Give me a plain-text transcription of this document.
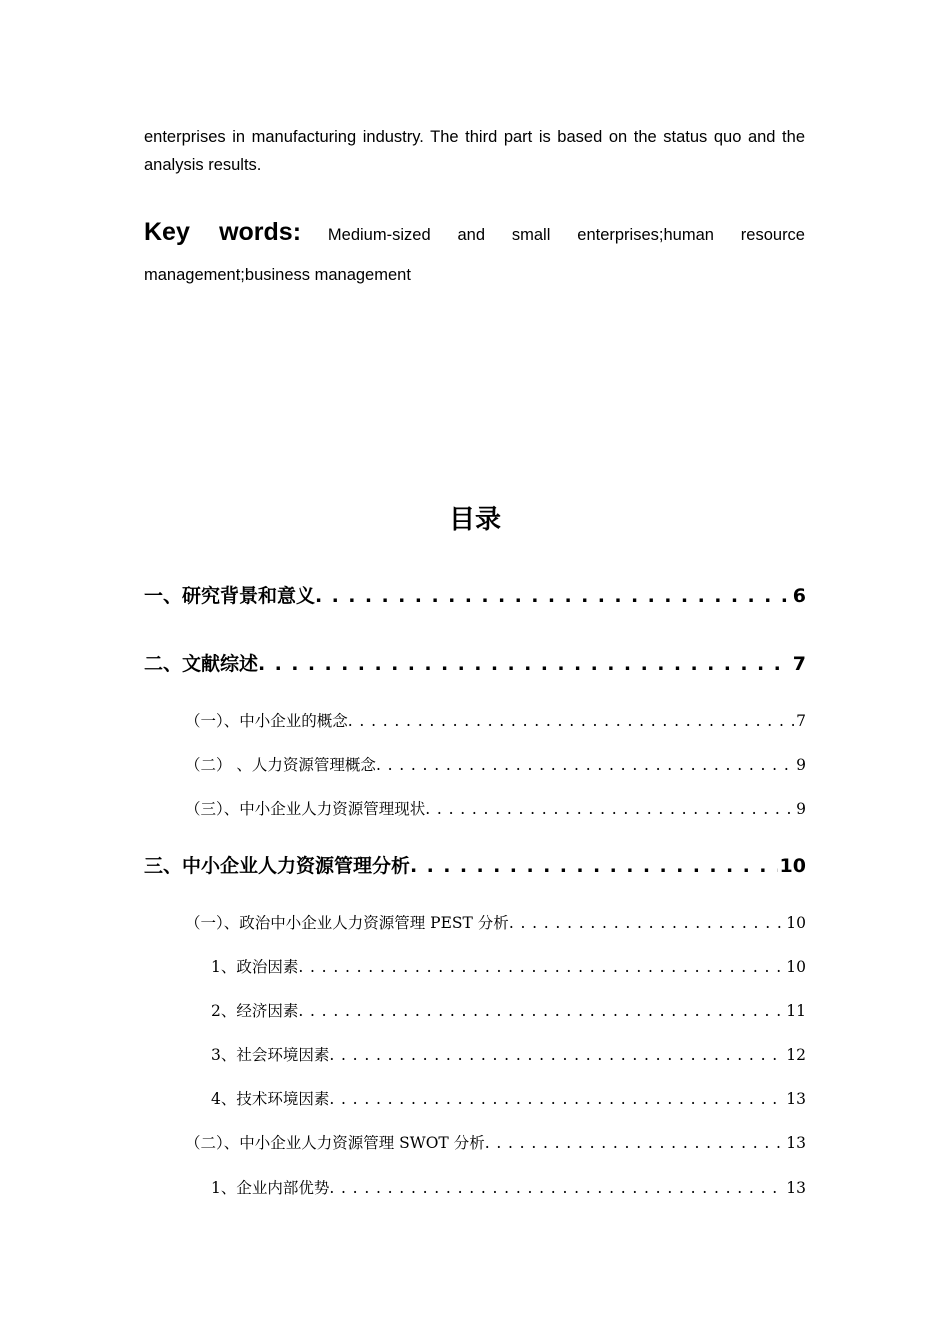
enterprises in manufacturing industry. The third part is based on the status quo and the analysis results.

Key words: Medium-sized and small enterprises;human resource management;business management

目录
一、研究背景和意义 . . .	6
二、文献综述 . . .	7
（一）、中小企业的概念 . . .	7
（二） 、人力资源管理概念 . . .	9
（三）、中小企业人力资源管理现状 . . .	9
三、中小企业人力资源管理分析 . . .	10
（一）、政治中小企业人力资源管理 PEST 分析 . . .	10
1、政治因素 . . .	10
2、经济因素 . . .	11
3、社会环境因素 . . .	12
4、技术环境因素 . . .	13
（二）、中小企业人力资源管理 SWOT 分析 . . .	13
1、企业内部优势 . . .	13
